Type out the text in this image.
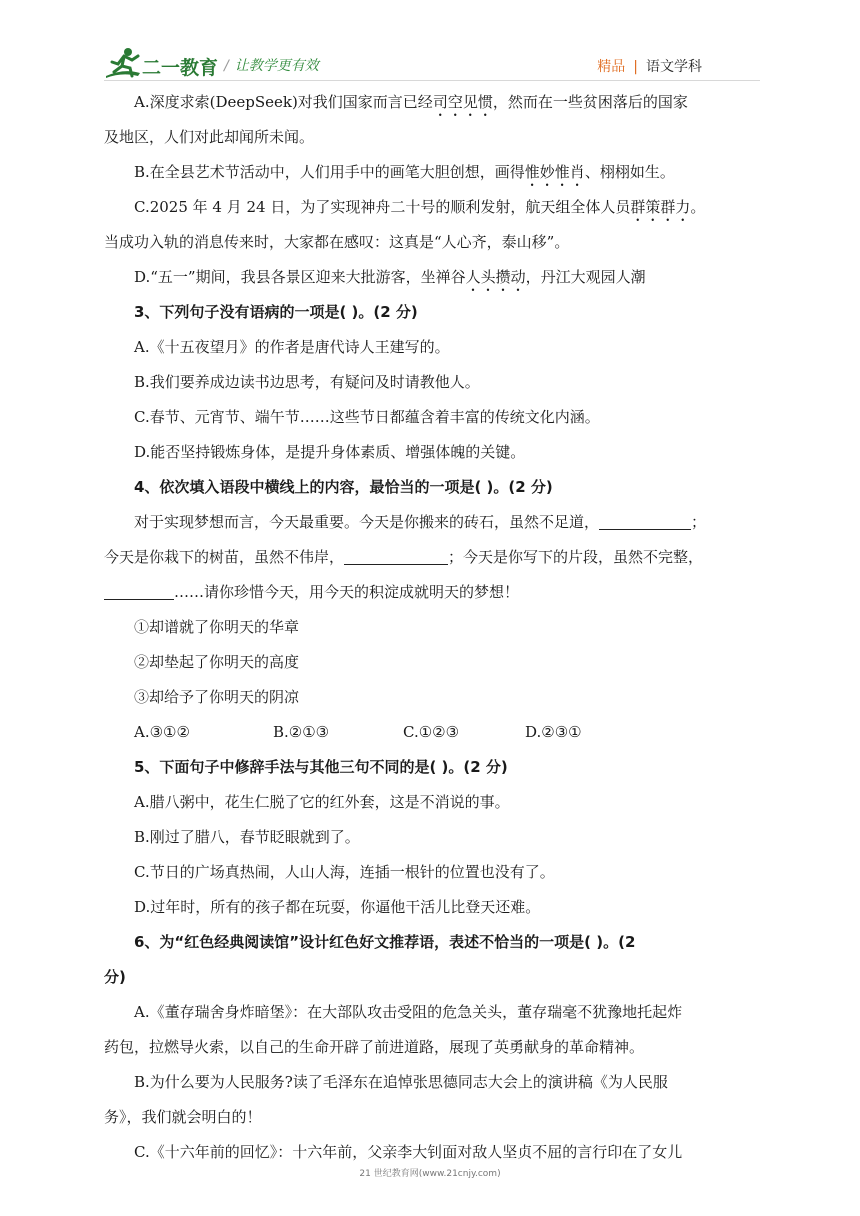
二一教育 / 让教学更有效	精品 | 语文学科
A.深度求索(DeepSeek)对我们国家而言已经司空见惯，然而在一些贫困落后的国家
及地区，人们对此却闻所未闻。
B.在全县艺术节活动中，人们用手中的画笔大胆创想，画得惟妙惟肖、栩栩如生。
C.2025 年 4 月 24 日，为了实现神舟二十号的顺利发射，航天组全体人员群策群力。
当成功入轨的消息传来时，大家都在感叹：这真是“人心齐，泰山移”。
D.“五一”期间，我县各景区迎来大批游客，坐禅谷人头攒动，丹江大观园人潮
3、下列句子没有语病的一项是( )。(2 分)
A.《十五夜望月》的作者是唐代诗人王建写的。
B.我们要养成边读书边思考，有疑问及时请教他人。
C.春节、元宵节、端午节……这些节日都蕴含着丰富的传统文化内涵。
D.能否坚持锻炼身体，是提升身体素质、增强体魄的关键。
4、依次填入语段中横线上的内容，最恰当的一项是( )。(2 分)
对于实现梦想而言，今天最重要。今天是你搬来的砖石，虽然不足道，	；
今天是你栽下的树苗，虽然不伟岸，	；今天是你写下的片段，虽然不完整，
……请你珍惜今天，用今天的积淀成就明天的梦想！
①却谱就了你明天的华章
②却垫起了你明天的高度
③却给予了你明天的阴凉
A.③①②	B.②①③	C.①②③	D.②③①
5、下面句子中修辞手法与其他三句不同的是( )。(2 分)
A.腊八粥中，花生仁脱了它的红外套，这是不消说的事。
B.刚过了腊八，春节眨眼就到了。
C.节日的广场真热闹，人山人海，连插一根针的位置也没有了。
D.过年时，所有的孩子都在玩耍，你逼他干活儿比登天还难。
6、为“红色经典阅读馆”设计红色好文推荐语，表述不恰当的一项是( )。(2
分)
A.《董存瑞舍身炸暗堡》：在大部队攻击受阻的危急关头，董存瑞毫不犹豫地托起炸
药包，拉燃导火索，以自己的生命开辟了前进道路，展现了英勇献身的革命精神。
B.为什么要为人民服务?读了毛泽东在追悼张思德同志大会上的演讲稿《为人民服
务》，我们就会明白的！
C.《十六年前的回忆》：十六年前，父亲李大钊面对敌人坚贞不屈的言行印在了女儿
21 世纪教育网(www.21cnjy.com)
